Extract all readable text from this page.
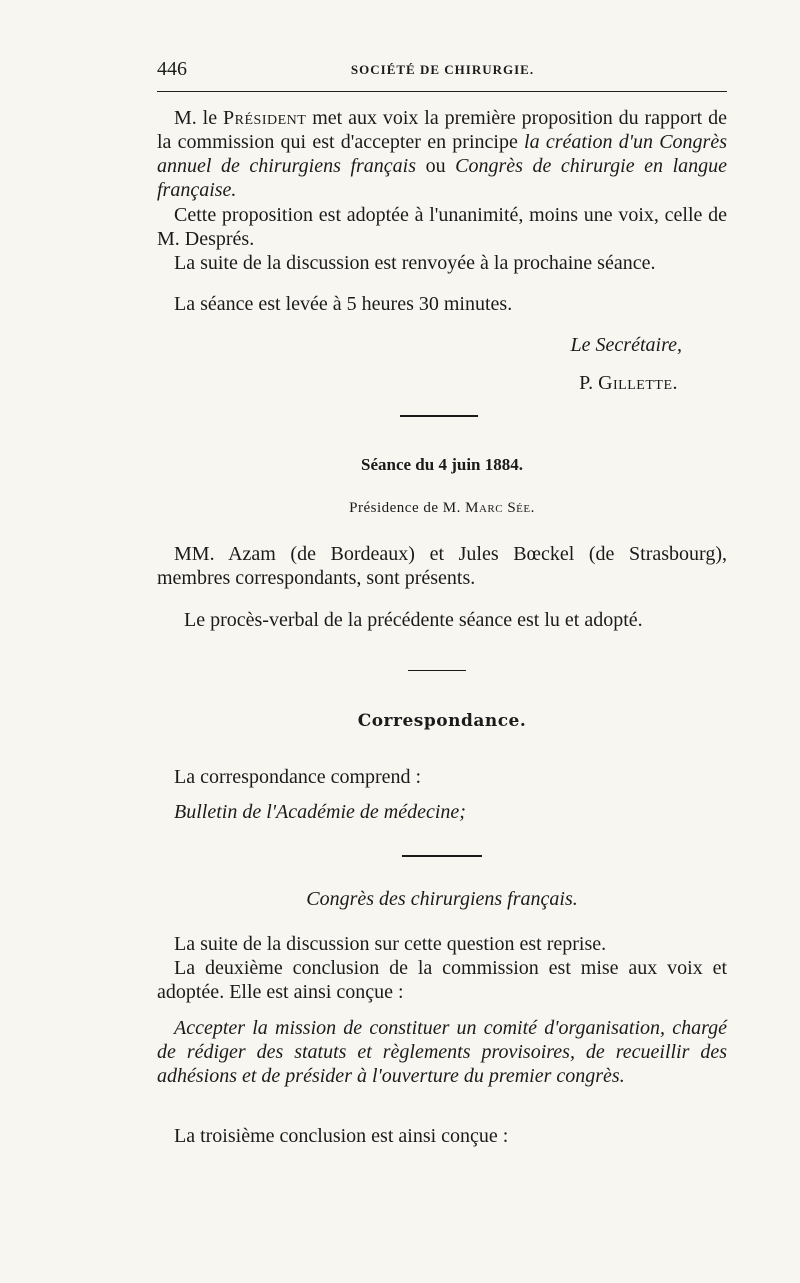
446	SOCIÉTÉ DE CHIRURGIE.
M. le Président met aux voix la première proposition du rapport de la commission qui est d'accepter en principe la création d'un Congrès annuel de chirurgiens français ou Congrès de chirurgie en langue française.
Cette proposition est adoptée à l'unanimité, moins une voix, celle de M. Després.
La suite de la discussion est renvoyée à la prochaine séance.
La séance est levée à 5 heures 30 minutes.
Le Secrétaire,
P. Gillette.
Séance du 4 juin 1884.
Présidence de M. Marc Sée.
MM. Azam (de Bordeaux) et Jules Bœckel (de Strasbourg), membres correspondants, sont présents.
Le procès-verbal de la précédente séance est lu et adopté.
Correspondance.
La correspondance comprend :
Bulletin de l'Académie de médecine;
Congrès des chirurgiens français.
La suite de la discussion sur cette question est reprise.
La deuxième conclusion de la commission est mise aux voix et adoptée. Elle est ainsi conçue :
Accepter la mission de constituer un comité d'organisation, chargé de rédiger des statuts et règlements provisoires, de recueillir des adhésions et de présider à l'ouverture du premier congrès.
La troisième conclusion est ainsi conçue :
